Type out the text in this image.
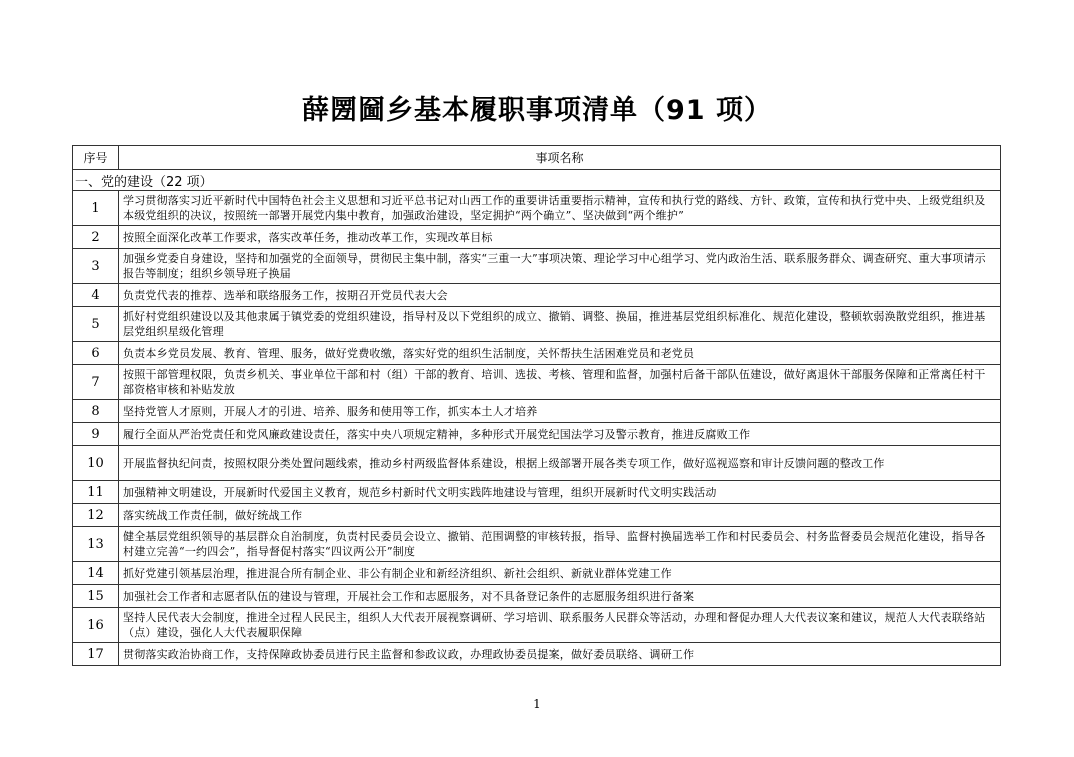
薛圐圙乡基本履职事项清单（91 项）
序号	事项名称
一、党的建设（22 项）	
1	学习贯彻落实习近平新时代中国特色社会主义思想和习近平总书记对山西工作的重要讲话重要指示精神，宣传和执行党的路线、方针、政策，宣传和执行党中央、上级党组织及本级党组织的决议，按照统一部署开展党内集中教育，加强政治建设，坚定拥护“两个确立”、坚决做到“两个维护”
2	按照全面深化改革工作要求，落实改革任务，推动改革工作，实现改革目标
3	加强乡党委自身建设，坚持和加强党的全面领导，贯彻民主集中制，落实“三重一大”事项决策、理论学习中心组学习、党内政治生活、联系服务群众、调查研究、重大事项请示报告等制度；组织乡领导班子换届
4	负责党代表的推荐、选举和联络服务工作，按期召开党员代表大会
5	抓好村党组织建设以及其他隶属于镇党委的党组织建设，指导村及以下党组织的成立、撤销、调整、换届，推进基层党组织标准化、规范化建设，整顿软弱涣散党组织，推进基层党组织星级化管理
6	负责本乡党员发展、教育、管理、服务，做好党费收缴，落实好党的组织生活制度，关怀帮扶生活困难党员和老党员
7	按照干部管理权限，负责乡机关、事业单位干部和村（组）干部的教育、培训、选拔、考核、管理和监督，加强村后备干部队伍建设，做好离退休干部服务保障和正常离任村干部资格审核和补贴发放
8	坚持党管人才原则，开展人才的引进、培养、服务和使用等工作，抓实本土人才培养
9	履行全面从严治党责任和党风廉政建设责任，落实中央八项规定精神，多种形式开展党纪国法学习及警示教育，推进反腐败工作
10	开展监督执纪问责，按照权限分类处置问题线索，推动乡村两级监督体系建设，根据上级部署开展各类专项工作，做好巡视巡察和审计反馈问题的整改工作
11	加强精神文明建设，开展新时代爱国主义教育，规范乡村新时代文明实践阵地建设与管理，组织开展新时代文明实践活动
12	落实统战工作责任制，做好统战工作
13	健全基层党组织领导的基层群众自治制度，负责村民委员会设立、撤销、范围调整的审核转报，指导、监督村换届选举工作和村民委员会、村务监督委员会规范化建设，指导各村建立完善“一约四会”，指导督促村落实“四议两公开”制度
14	抓好党建引领基层治理，推进混合所有制企业、非公有制企业和新经济组织、新社会组织、新就业群体党建工作
15	加强社会工作者和志愿者队伍的建设与管理，开展社会工作和志愿服务，对不具备登记条件的志愿服务组织进行备案
16	坚持人民代表大会制度，推进全过程人民民主，组织人大代表开展视察调研、学习培训、联系服务人民群众等活动，办理和督促办理人大代表议案和建议，规范人大代表联络站（点）建设，强化人大代表履职保障
17	贯彻落实政治协商工作，支持保障政协委员进行民主监督和参政议政，办理政协委员提案，做好委员联络、调研工作
1
